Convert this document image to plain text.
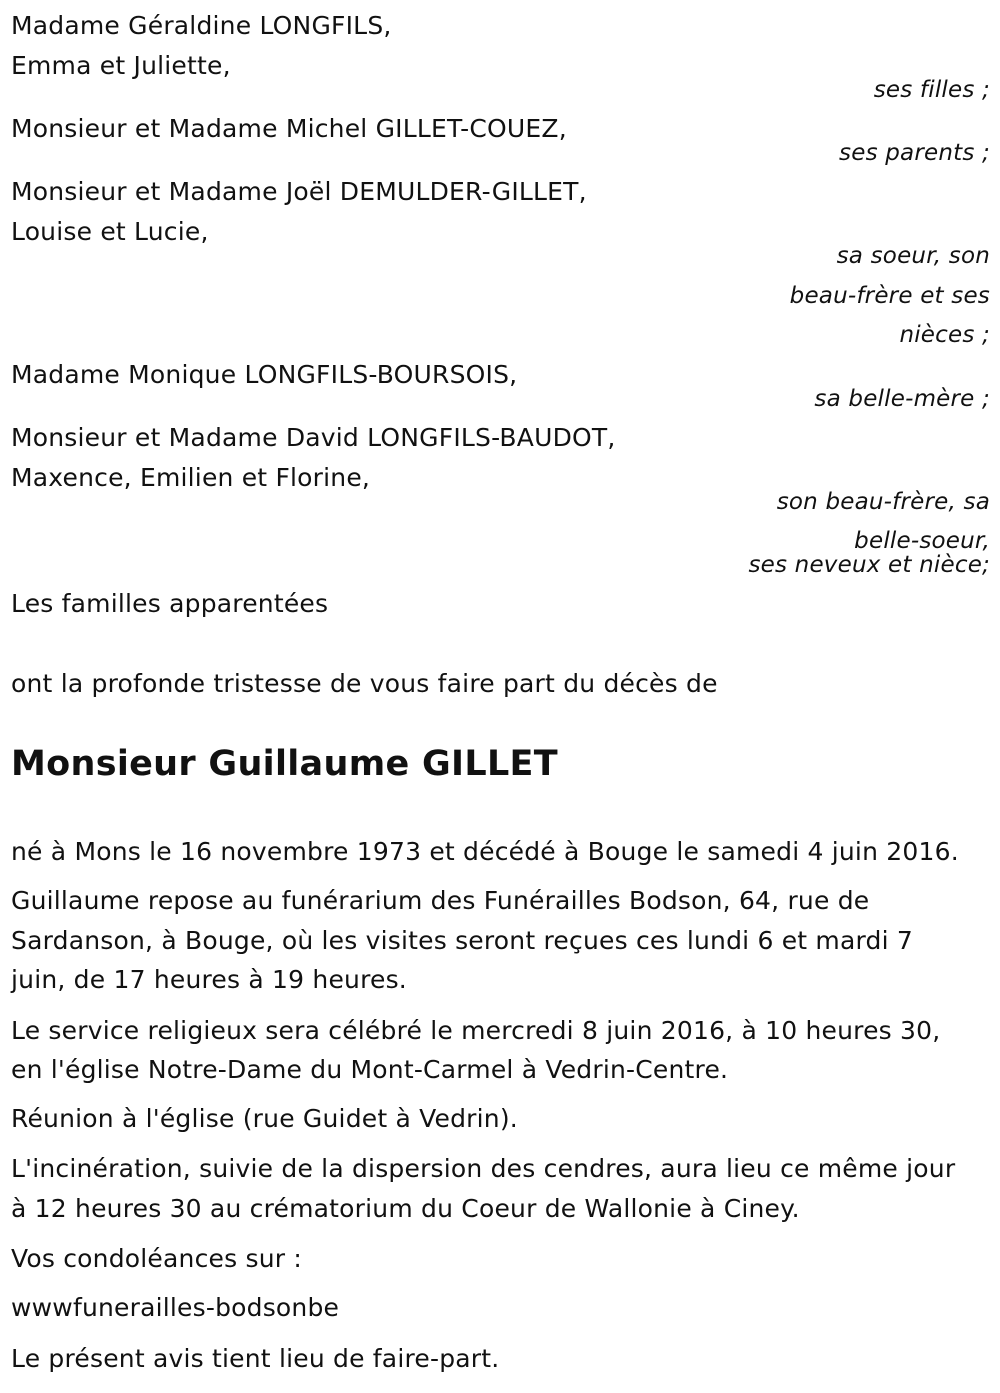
Madame Géraldine LONGFILS,
Emma et Juliette,
ses filles ;
Monsieur et Madame Michel GILLET-COUEZ,
ses parents ;
Monsieur et Madame Joël DEMULDER-GILLET,
Louise et Lucie,
sa soeur, son
beau-frère et ses
nièces ;
Madame Monique LONGFILS-BOURSOIS,
sa belle-mère ;
Monsieur et Madame David LONGFILS-BAUDOT,
Maxence, Emilien et Florine,
son beau-frère, sa
belle-soeur,
ses neveux et nièce;
Les familles apparentées
ont la profonde tristesse de vous faire part du décès de
Monsieur Guillaume GILLET
né à Mons le 16 novembre 1973 et décédé à Bouge le samedi 4 juin 2016.
Guillaume repose au funérarium des Funérailles Bodson, 64, rue de
Sardanson, à Bouge, où les visites seront reçues ces lundi 6 et mardi 7
juin, de 17 heures à 19 heures.
Le service religieux sera célébré le mercredi 8 juin 2016, à 10 heures 30,
en l'église Notre-Dame du Mont-Carmel à Vedrin-Centre.
Réunion à l'église (rue Guidet à Vedrin).
L'incinération, suivie de la dispersion des cendres, aura lieu ce même jour
à 12 heures 30 au crématorium du Coeur de Wallonie à Ciney.
Vos condoléances sur :
wwwfunerailles-bodsonbe
Le présent avis tient lieu de faire-part.
